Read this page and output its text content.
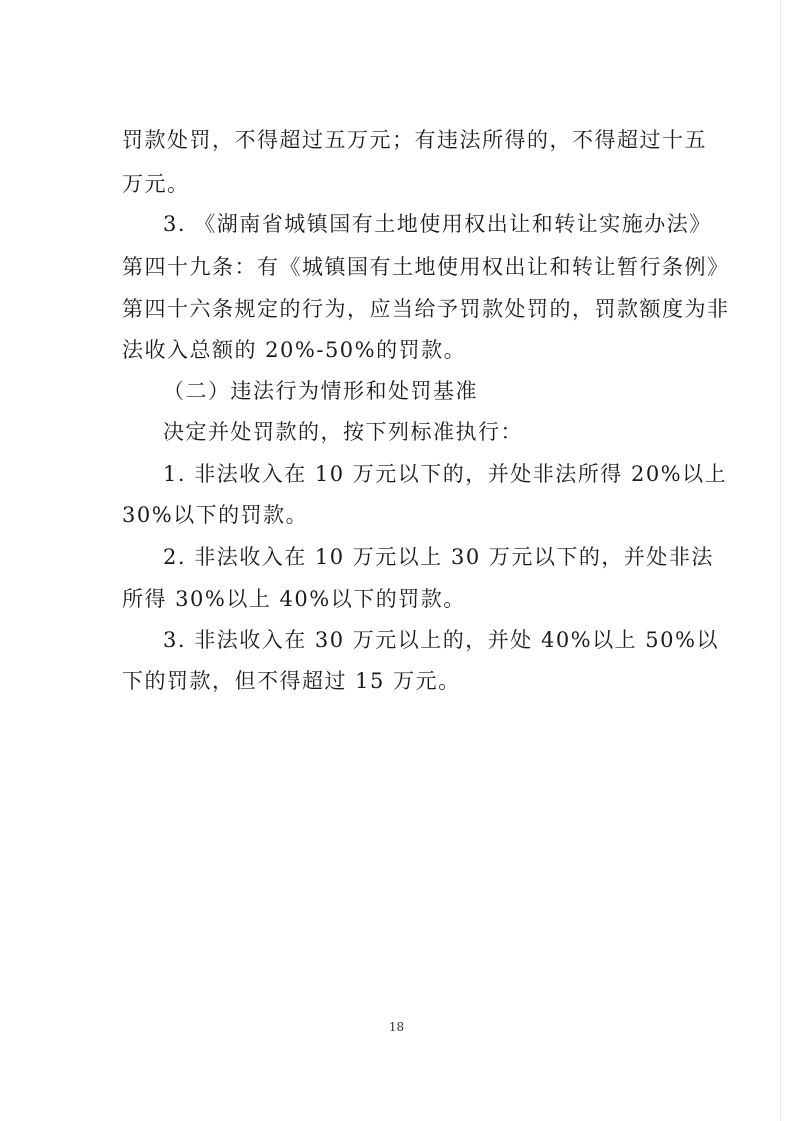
罚款处罚，不得超过五万元；有违法所得的，不得超过十五
万元。
3. 《湖南省城镇国有土地使用权出让和转让实施办法》
第四十九条：有《城镇国有土地使用权出让和转让暂行条例》
第四十六条规定的行为，应当给予罚款处罚的，罚款额度为非
法收入总额的 20%-50%的罚款。
（二）违法行为情形和处罚基准
决定并处罚款的，按下列标准执行：
1. 非法收入在 10 万元以下的，并处非法所得 20%以上
30%以下的罚款。
2. 非法收入在 10 万元以上 30 万元以下的，并处非法
所得 30%以上 40%以下的罚款。
3. 非法收入在 30 万元以上的，并处 40%以上 50%以
下的罚款，但不得超过 15 万元。
18
